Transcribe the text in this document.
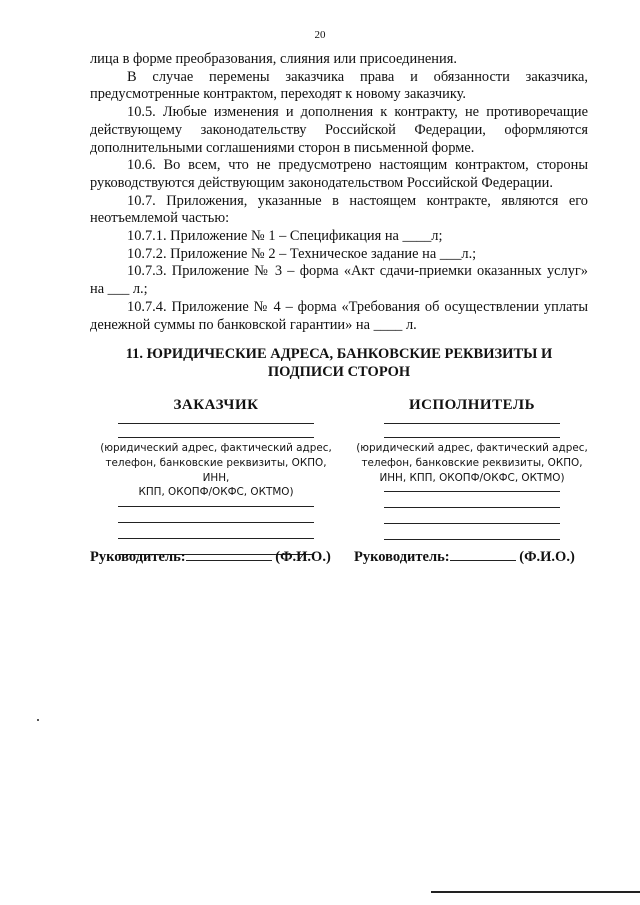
20

лица в форме преобразования, слияния или присоединения.

В случае перемены заказчика права и обязанности заказчика, предусмотренные контрактом, переходят к новому заказчику.

10.5. Любые изменения и дополнения к контракту, не противоречащие действующему законодательству Российской Федерации, оформляются дополнительными соглашениями сторон в письменной форме.

10.6. Во всем, что не предусмотрено настоящим контрактом, стороны руководствуются действующим законодательством Российской Федерации.

10.7. Приложения, указанные в настоящем контракте, являются его неотъемлемой частью:

10.7.1. Приложение № 1 – Спецификация на ____л;

10.7.2. Приложение № 2 – Техническое задание на ___л.;

10.7.3. Приложение № 3 – форма «Акт сдачи-приемки оказанных услуг» на ___ л.;

10.7.4. Приложение № 4 – форма «Требования об осуществлении уплаты денежной суммы по банковской гарантии» на ____ л.

11. ЮРИДИЧЕСКИЕ АДРЕСА, БАНКОВСКИЕ РЕКВИЗИТЫ И
ПОДПИСИ СТОРОН
ЗАКАЗЧИК
(юридический адрес, фактический адрес,
телефон, банковские реквизиты, ОКПО, ИНН,
КПП, ОКОПФ/ОКФС, ОКТМО)
ИСПОЛНИТЕЛЬ
(юридический адрес, фактический адрес,
телефон, банковские реквизиты, ОКПО,
ИНН, КПП, ОКОПФ/ОКФС, ОКТМО)
Руководитель:	(Ф.И.О.) Руководитель:	(Ф.И.О.)
